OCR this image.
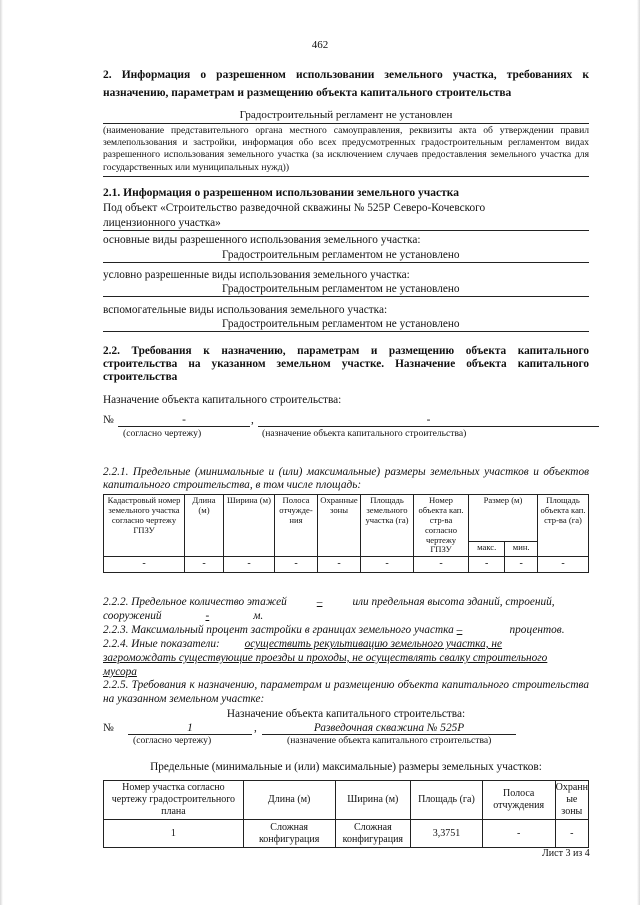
462
2. Информация о разрешенном использовании земельного участка, требованиях к назначению, параметрам и размещению объекта капитального строительства
Градостроительный регламент не установлен
(наименование представительного органа местного самоуправления, реквизиты акта об утверждении правил землепользования и застройки, информация обо всех предусмотренных градостроительным регламентом видах разрешенного использования земельного участка (за исключением случаев предоставления земельного участка для государственных или муниципальных нужд))
2.1. Информация о разрешенном использовании земельного участка
Под объект «Строительство разведочной скважины № 525Р Северо-Кочевского
лицензионного участка»
основные виды разрешенного использования земельного участка:
Градостроительным регламентом не установлено
условно разрешенные виды использования земельного участка:
Градостроительным регламентом не установлено
вспомогательные виды использования земельного участка:
Градостроительным регламентом не установлено
2.2. Требования к назначению, параметрам и размещению объекта капитального строительства на указанном земельном участке. Назначение объекта капитального строительства
Назначение объекта капитального строительства:
№	-	,	-
(согласно чертежу)	(назначение объекта капитального строительства)
2.2.1. Предельные (минимальные и (или) максимальные) размеры земельных участков и объектов капитального строительства, в том числе площадь:
Кадастровый номер земельного участка согласно чертежу ГПЗУ	Длина (м)	Ширина (м)	Полоса отчужде-ния	Охранные зоны	Площадь земельного участка (га)	Номер объекта кап. стр-ва согласно чертежу ГПЗУ	Размер (м)		Площадь объекта кап. стр-ва (га)
							макс.	мин.	
-	-	-	-	-	-	-	-	-	-
2.2.2. Предельное количество этажей	–	или предельная высота зданий, строений,
сооружений	-	м.
2.2.3. Максимальный процент застройки в границах земельного участка –	процентов.
2.2.4. Иные показатели: осуществить рекультивацию земельного участка, не
загромождать существующие проезды и проходы, не осуществлять свалку строительного
мусора
2.2.5. Требования к назначению, параметрам и размещению объекта капитального строительства на указанном земельном участке:
Назначение объекта капитального строительства:
№	1	,	Разведочная скважина № 525Р
(согласно чертежу)	(назначение объекта капитального строительства)
Предельные (минимальные и (или) максимальные) размеры земельных участков:
Номер участка согласно чертежу градостроительного плана	Длина (м)	Ширина (м)	Площадь (га)	Полоса отчуждения	Охранн ые зоны
1	Сложная конфигурация	Сложная конфигурация	3,3751	-	-
Лист 3 из 4
